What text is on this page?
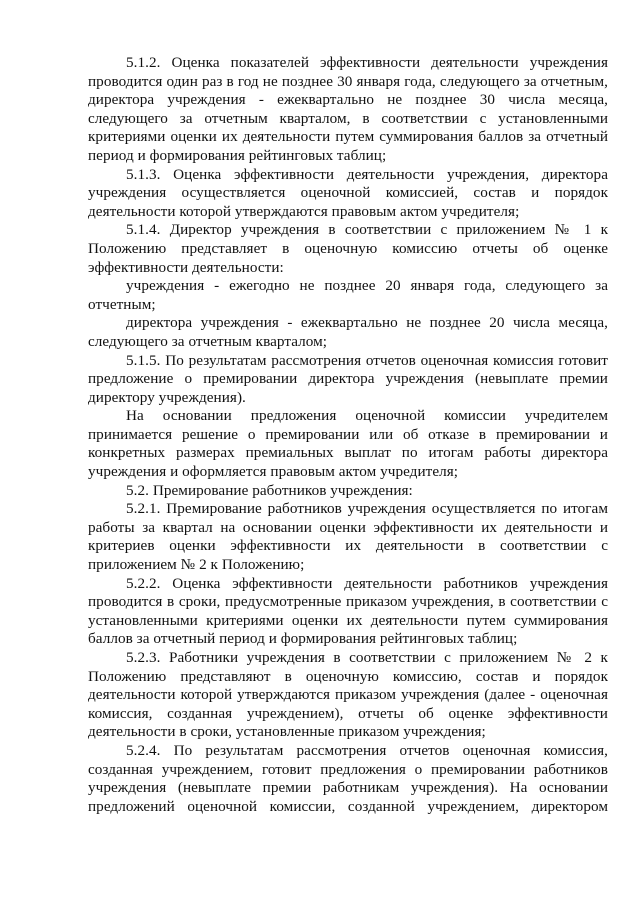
5.1.2. Оценка показателей эффективности деятельности учреждения проводится один раз в год не позднее 30 января года, следующего за отчетным, директора учреждения - ежеквартально не позднее 30 числа месяца, следующего за отчетным кварталом, в соответствии с установленными критериями оценки их деятельности путем суммирования баллов за отчетный период и формирования рейтинговых таблиц;

5.1.3. Оценка эффективности деятельности учреждения, директора учреждения осуществляется оценочной комиссией, состав и порядок деятельности которой утверждаются правовым актом учредителя;

5.1.4. Директор учреждения в соответствии с приложением № 1 к Положению представляет в оценочную комиссию отчеты об оценке эффективности деятельности:

учреждения - ежегодно не позднее 20 января года, следующего за отчетным;

директора учреждения - ежеквартально не позднее 20 числа месяца, следующего за отчетным кварталом;

5.1.5. По результатам рассмотрения отчетов оценочная комиссия готовит предложение о премировании директора учреждения (невыплате премии директору учреждения).

На основании предложения оценочной комиссии учредителем принимается решение о премировании или об отказе в премировании и конкретных размерах премиальных выплат по итогам работы директора учреждения и оформляется правовым актом учредителя;

5.2. Премирование работников учреждения:

5.2.1. Премирование работников учреждения осуществляется по итогам работы за квартал на основании оценки эффективности их деятельности и критериев оценки эффективности их деятельности в соответствии с приложением № 2 к Положению;

5.2.2. Оценка эффективности деятельности работников учреждения проводится в сроки, предусмотренные приказом учреждения, в соответствии с установленными критериями оценки их деятельности путем суммирования баллов за отчетный период и формирования рейтинговых таблиц;

5.2.3. Работники учреждения в соответствии с приложением № 2 к Положению представляют в оценочную комиссию, состав и порядок деятельности которой утверждаются приказом учреждения (далее - оценочная комиссия, созданная учреждением), отчеты об оценке эффективности деятельности в сроки, установленные приказом учреждения;

5.2.4. По результатам рассмотрения отчетов оценочная комиссия, созданная учреждением, готовит предложения о премировании работников учреждения (невыплате премии работникам учреждения). На основании предложений оценочной комиссии, созданной учреждением, директором
